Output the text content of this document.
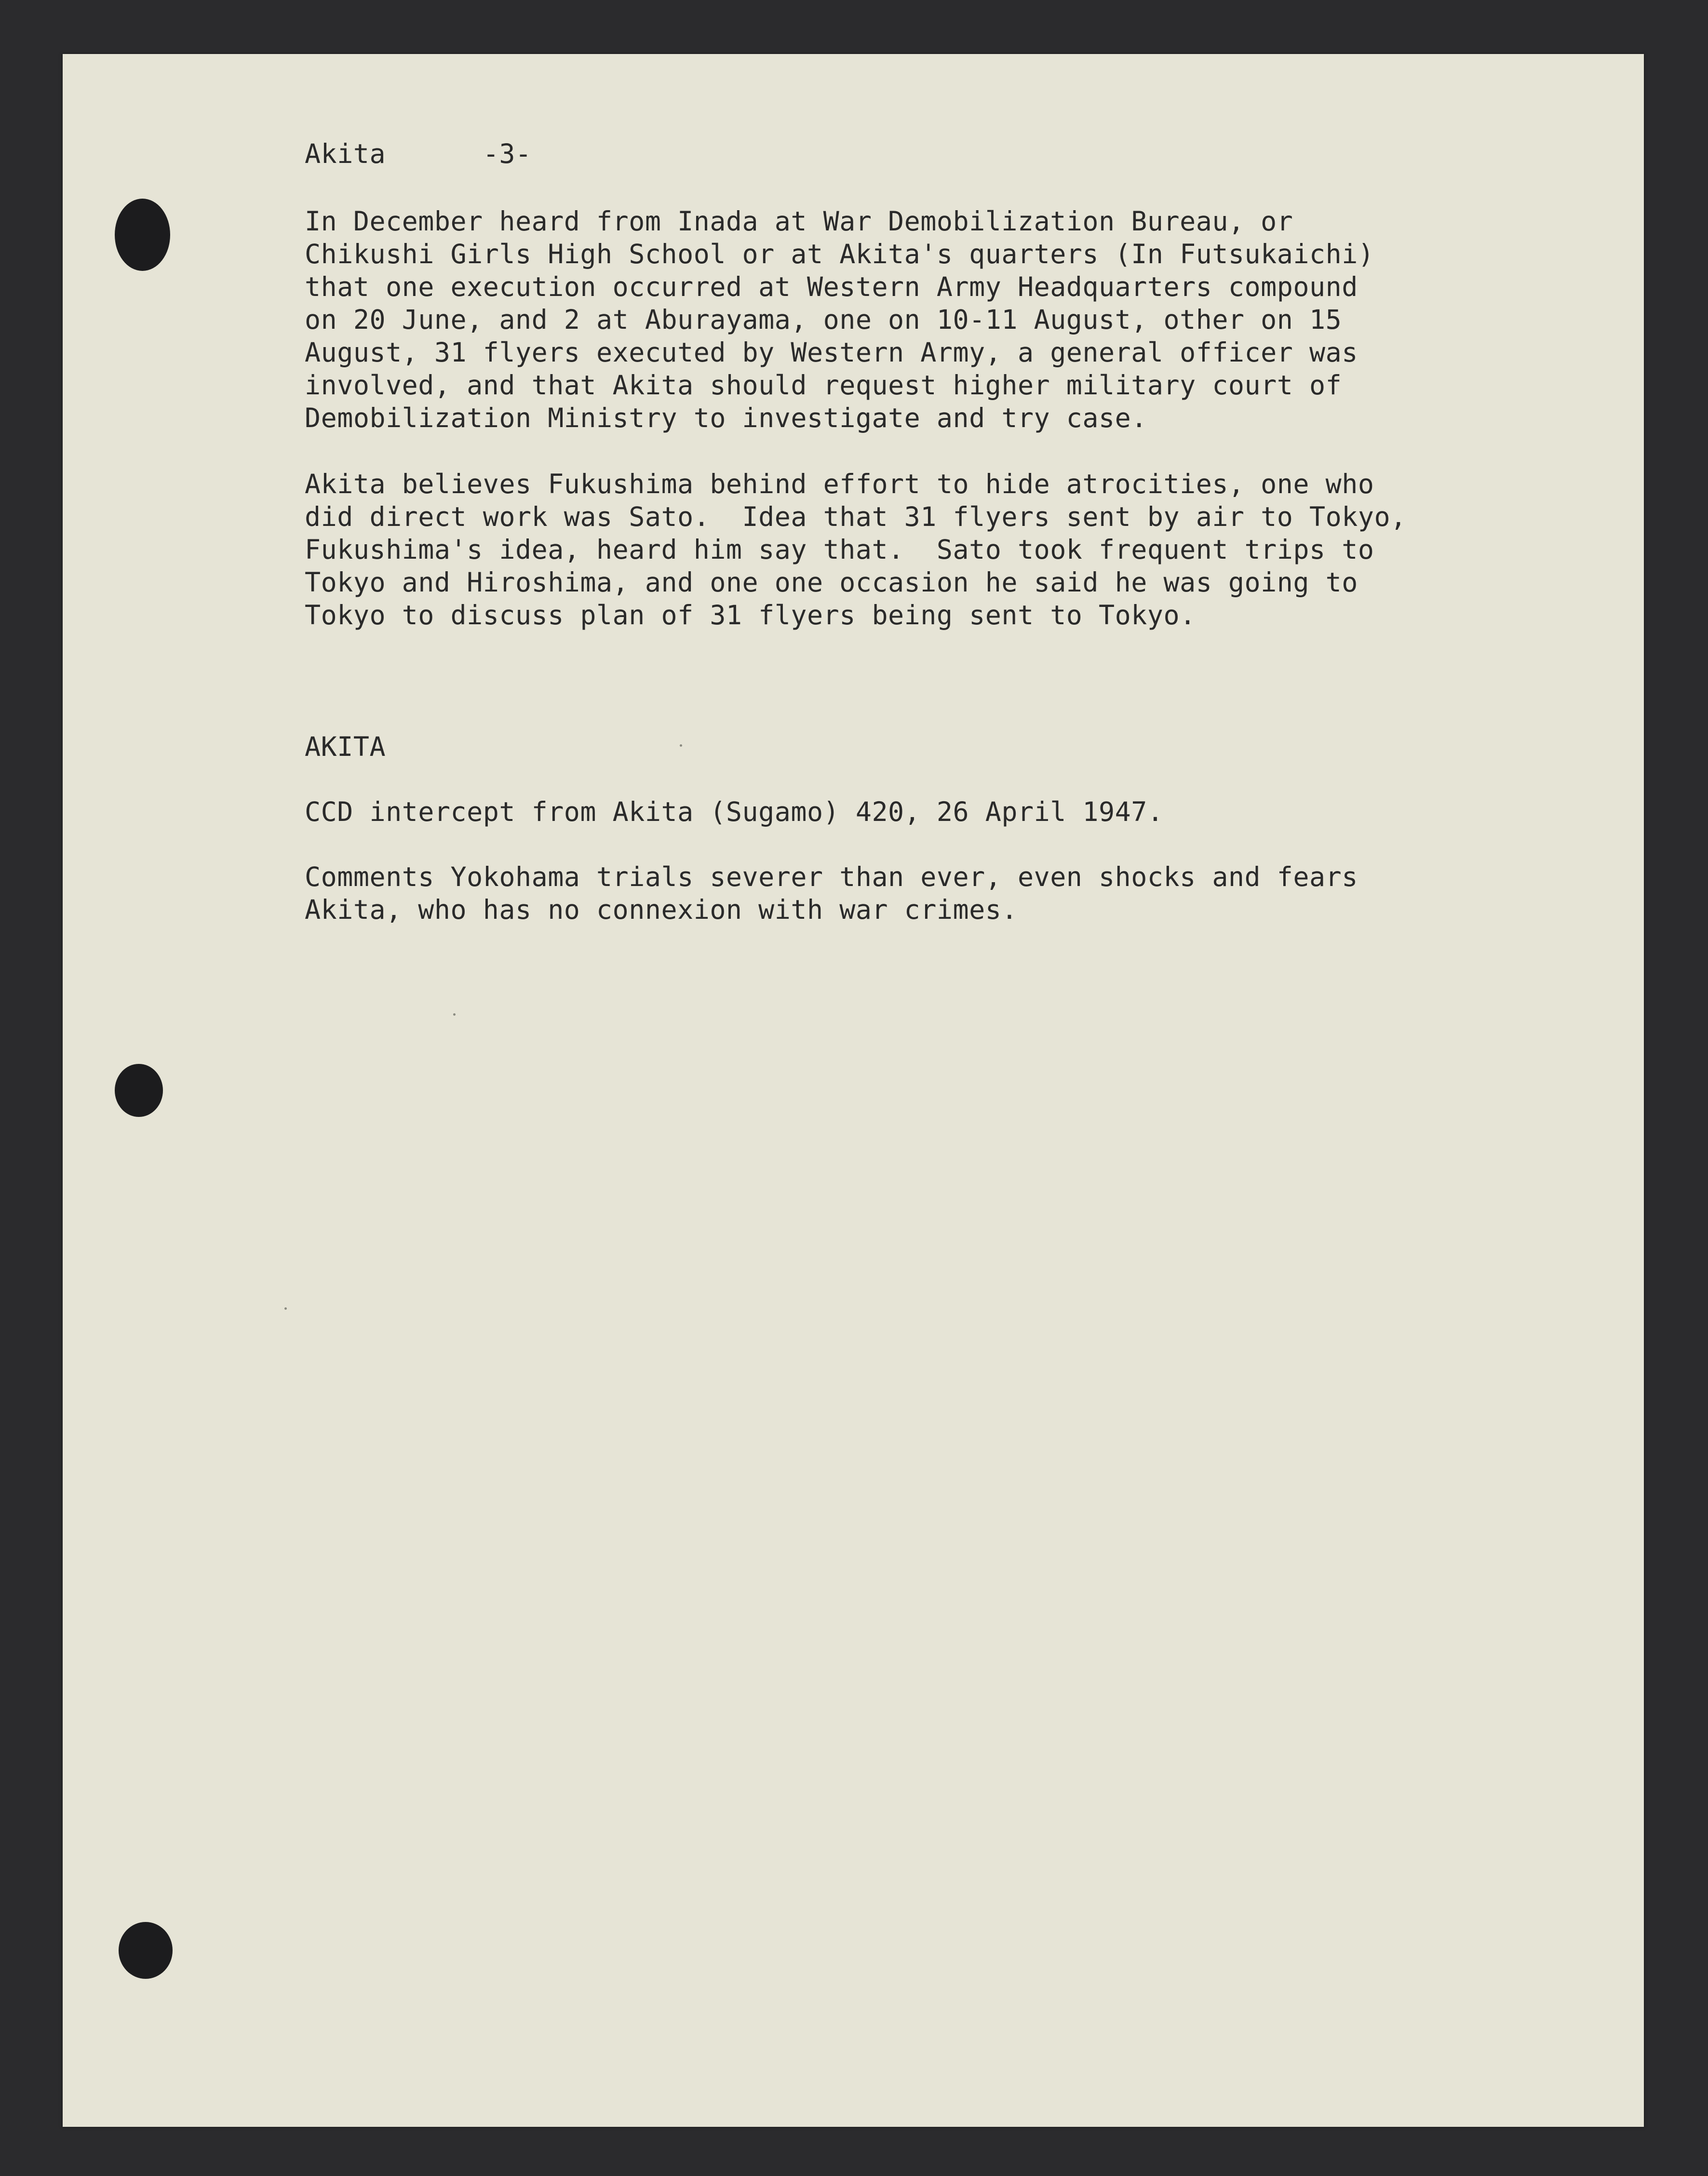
Akita	-3-
In December heard from Inada at War Demobilization Bureau, or
Chikushi Girls High School or at Akita's quarters (In Futsukaichi)
that one execution occurred at Western Army Headquarters compound
on 20 June, and 2 at Aburayama, one on 10-11 August, other on 15
August, 31 flyers executed by Western Army, a general officer was
involved, and that Akita should request higher military court of
Demobilization Ministry to investigate and try case.
Akita believes Fukushima behind effort to hide atrocities, one who
did direct work was Sato.  Idea that 31 flyers sent by air to Tokyo,
Fukushima's idea, heard him say that.  Sato took frequent trips to
Tokyo and Hiroshima, and one one occasion he said he was going to
Tokyo to discuss plan of 31 flyers being sent to Tokyo.
AKITA
CCD intercept from Akita (Sugamo) 420, 26 April 1947.
Comments Yokohama trials severer than ever, even shocks and fears
Akita, who has no connexion with war crimes.
